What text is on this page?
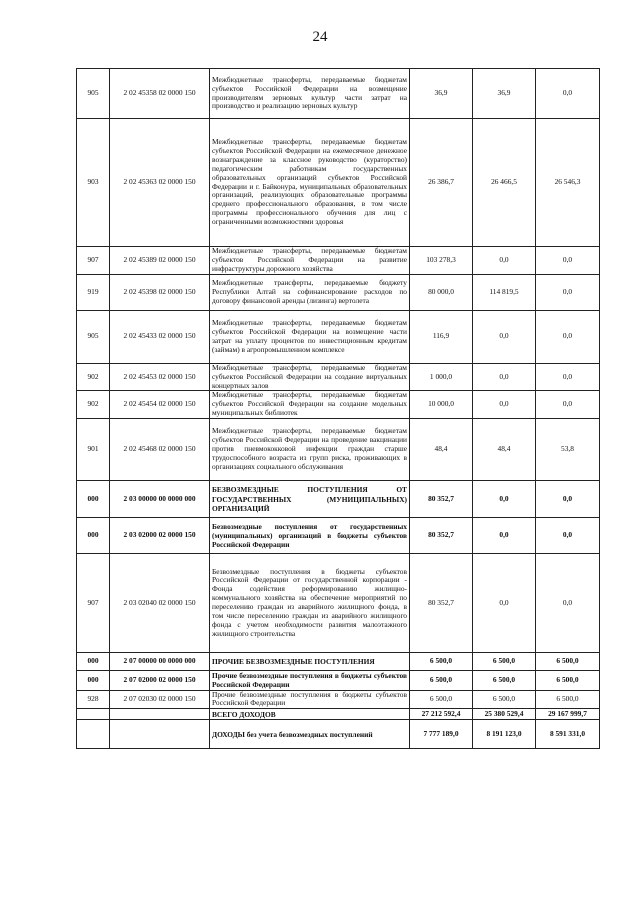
24
905	2 02 45358 02 0000 150	Межбюджетные трансферты, передаваемые бюджетам субъектов Российской Федерации на возмещение производителям зерновых культур части затрат на производство и реализацию зерновых культур	36,9	36,9	0,0
903	2 02 45363 02 0000 150	Межбюджетные трансферты, передаваемые бюджетам субъектов Российской Федерации на ежемесячное денежное вознаграждение за классное руководство (кураторство) педагогическим работникам государственных образовательных организаций субъектов Российской Федерации и г. Байконура, муниципальных образовательных организаций, реализующих образовательные программы среднего профессионального образования, в том числе программы профессионального обучения для лиц с ограниченными возможностями здоровья	26 386,7	26 466,5	26 546,3
907	2 02 45389 02 0000 150	Межбюджетные трансферты, передаваемые бюджетам субъектов Российской Федерации на развитие инфраструктуры дорожного хозяйства	103 278,3	0,0	0,0
919	2 02 45398 02 0000 150	Межбюджетные трансферты, передаваемые бюджету Республики Алтай на софинансирование расходов по договору финансовой аренды (лизинга) вертолета	80 000,0	114 819,5	0,0
905	2 02 45433 02 0000 150	Межбюджетные трансферты, передаваемые бюджетам субъектов Российской Федерации на возмещение части затрат на уплату процентов по инвестиционным кредитам (займам) в агропромышленном комплексе	116,9	0,0	0,0
902	2 02 45453 02 0000 150	Межбюджетные трансферты, передаваемые бюджетам субъектов Российской Федерации на создание виртуальных концертных залов	1 000,0	0,0	0,0
902	2 02 45454 02 0000 150	Межбюджетные трансферты, передаваемые бюджетам субъектов Российской Федерации на создание модельных муниципальных библиотек	10 000,0	0,0	0,0
901	2 02 45468 02 0000 150	Межбюджетные трансферты, передаваемые бюджетам субъектов Российской Федерации на проведение вакцинации против пневмококковой инфекции граждан старше трудоспособного возраста из групп риска, проживающих в организациях социального обслуживания	48,4	48,4	53,8
000	2 03 00000 00 0000 000	БЕЗВОЗМЕЗДНЫЕ ПОСТУПЛЕНИЯ ОТ ГОСУДАРСТВЕННЫХ (МУНИЦИПАЛЬНЫХ) ОРГАНИЗАЦИЙ	80 352,7	0,0	0,0
000	2 03 02000 02 0000 150	Безвозмездные поступления от государственных (муниципальных) организаций в бюджеты субъектов Российской Федерации	80 352,7	0,0	0,0
907	2 03 02040 02 0000 150	Безвозмездные поступления в бюджеты субъектов Российской Федерации от государственной корпорации - Фонда содействия реформированию жилищно-коммунального хозяйства на обеспечение мероприятий по переселению граждан из аварийного жилищного фонда, в том числе переселению граждан из аварийного жилищного фонда с учетом необходимости развития малоэтажного жилищного строительства	80 352,7	0,0	0,0
000	2 07 00000 00 0000 000	ПРОЧИЕ БЕЗВОЗМЕЗДНЫЕ ПОСТУПЛЕНИЯ	6 500,0	6 500,0	6 500,0
000	2 07 02000 02 0000 150	Прочие безвозмездные поступления в бюджеты субъектов Российской Федерации	6 500,0	6 500,0	6 500,0
928	2 07 02030 02 0000 150	Прочие безвозмездные поступления в бюджеты субъектов Российской Федерации	6 500,0	6 500,0	6 500,0
		ВСЕГО ДОХОДОВ	27 212 592,4	25 380 529,4	29 167 999,7
		ДОХОДЫ без учета безвозмездных поступлений	7 777 189,0	8 191 123,0	8 591 331,0
